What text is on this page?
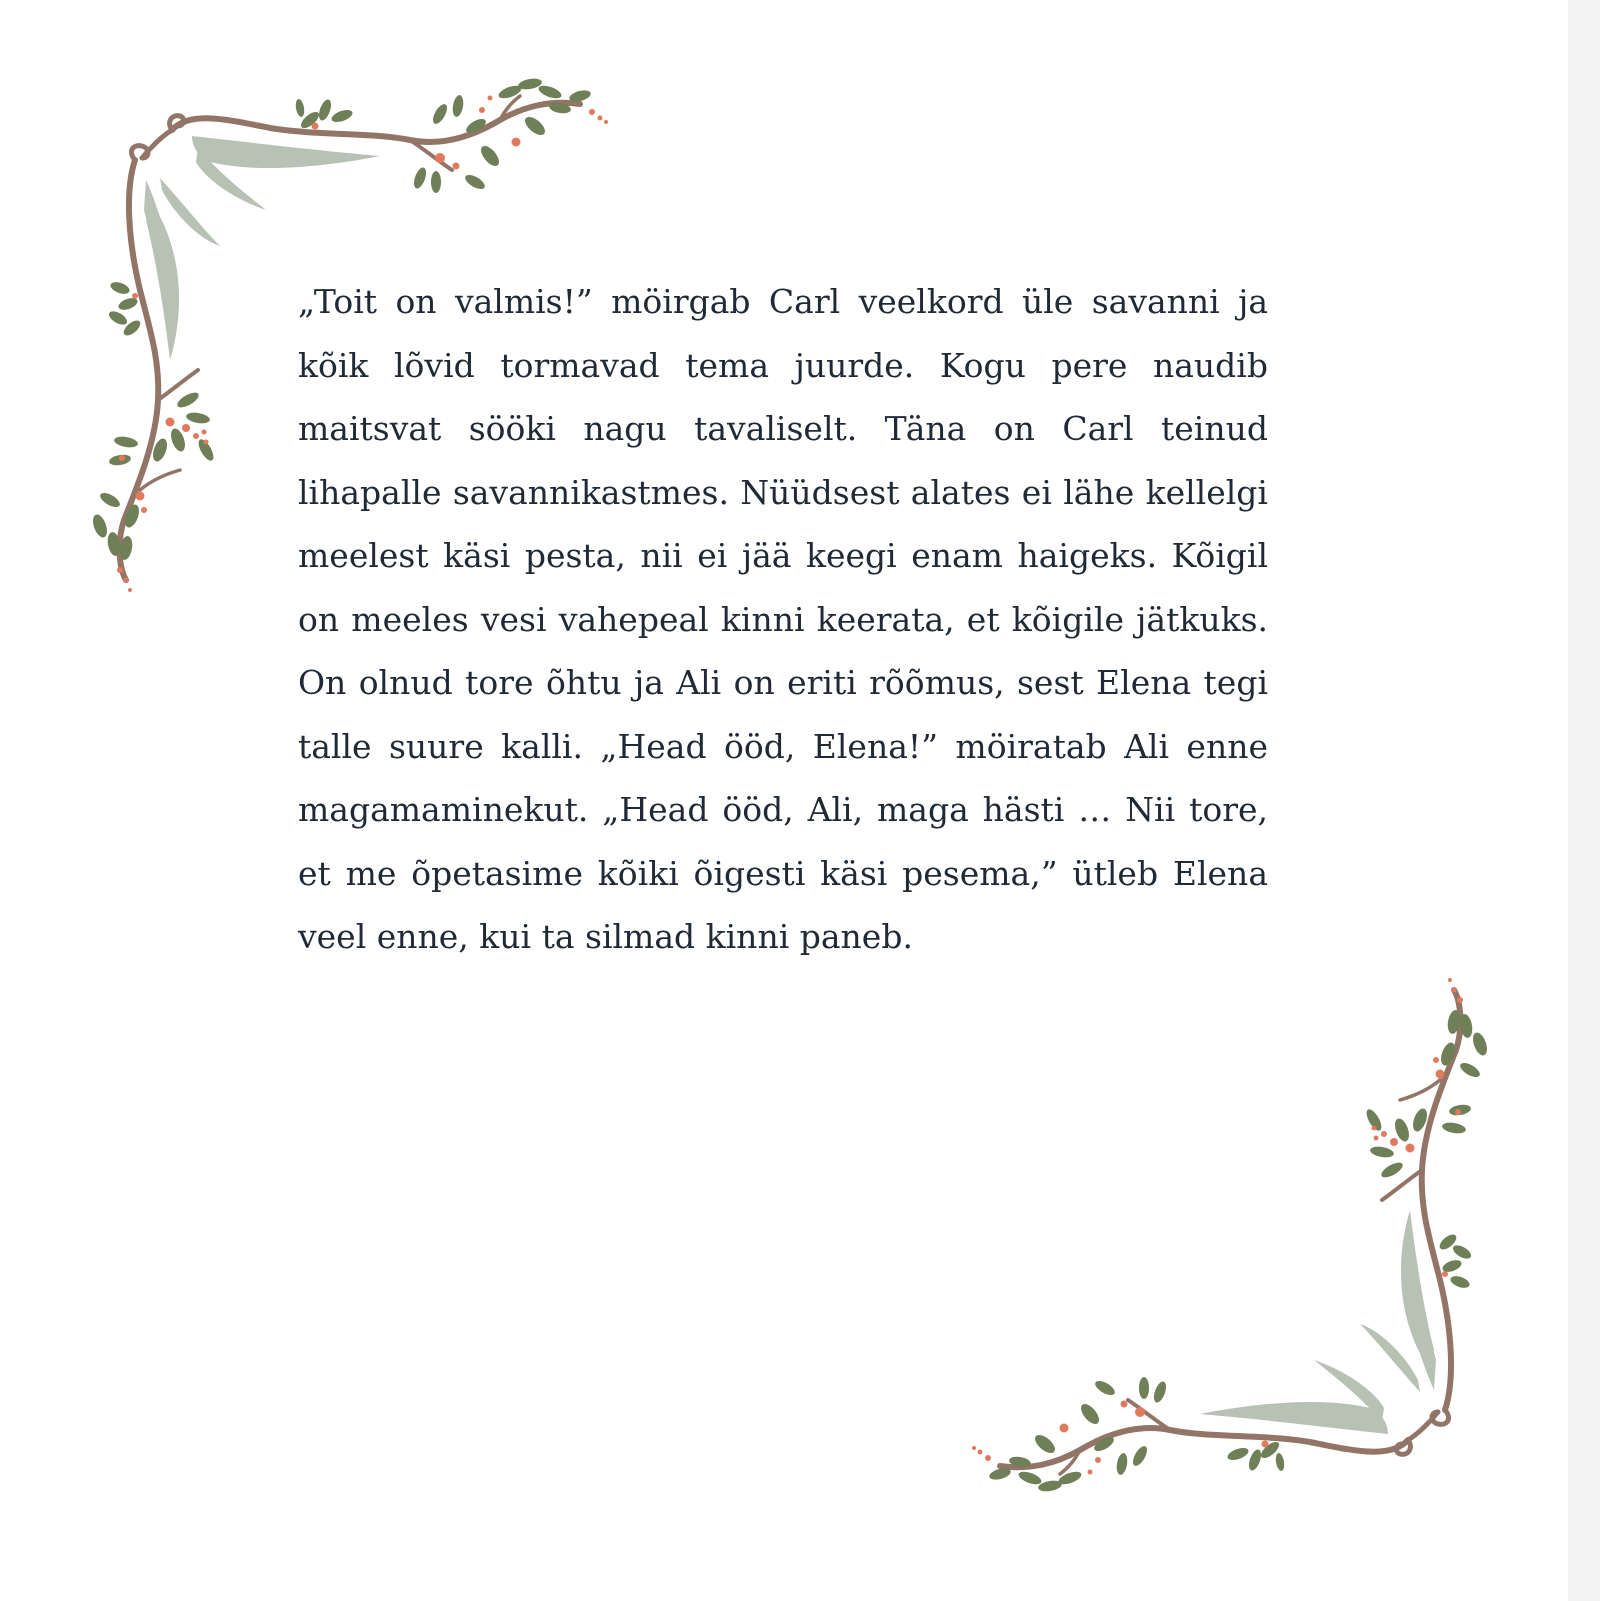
„Toit on valmis!” möirgab Carl veelkord üle savanni ja kõik lõvid tormavad tema juurde. Kogu pere naudib maitsvat sööki nagu tavaliselt. Täna on Carl teinud lihapalle savannikastmes. Nüüdsest alates ei lähe kellelgi meelest käsi pesta, nii ei jää keegi enam haigeks. Kõigil on meeles vesi vahepeal kinni keerata, et kõigile jätkuks. On olnud tore õhtu ja Ali on eriti rõõmus, sest Elena tegi talle suure kalli. „Head ööd, Elena!” möiratab Ali enne magamaminekut. „Head ööd, Ali, maga hästi … Nii tore, et me õpetasime kõiki õigesti käsi pesema,” ütleb Elena veel enne, kui ta silmad kinni paneb.
